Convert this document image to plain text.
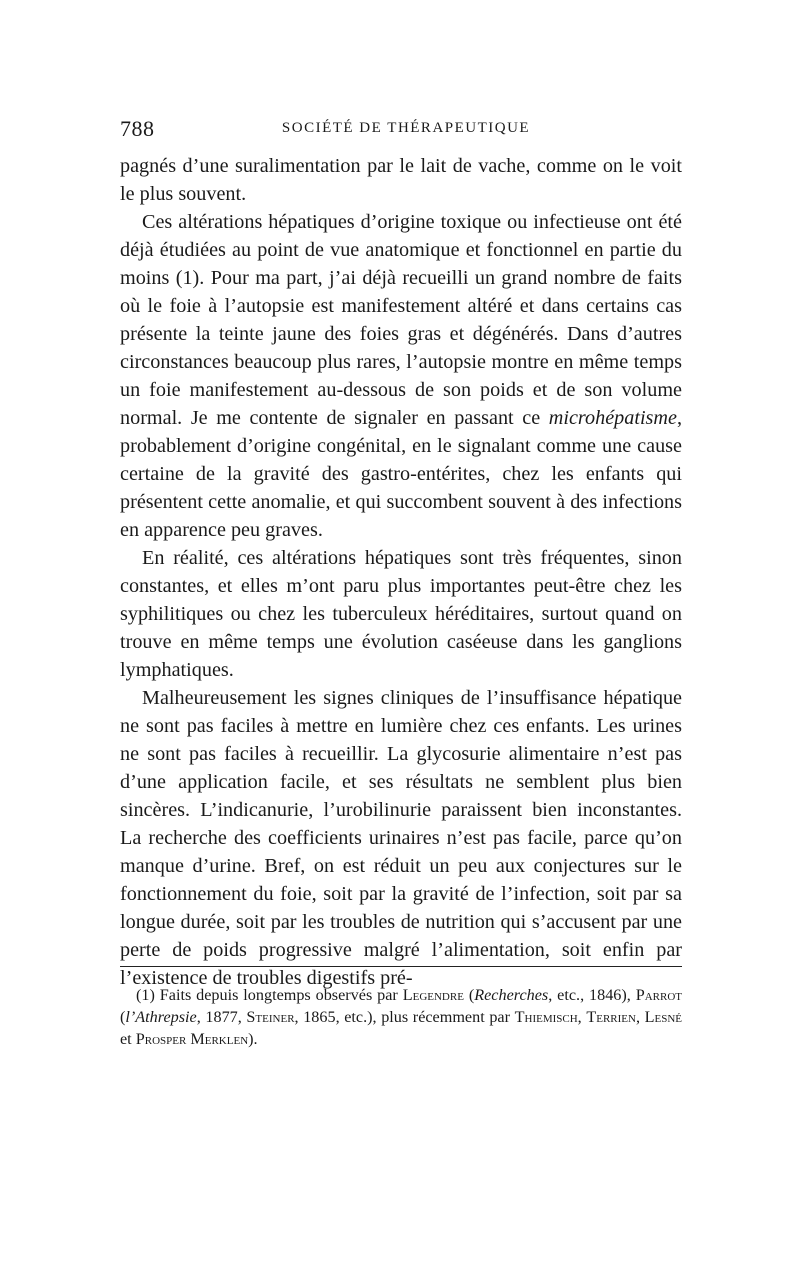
788	SOCIÉTÉ DE THÉRAPEUTIQUE

pagnés d’une suralimentation par le lait de vache, comme on le voit le plus souvent.

Ces altérations hépatiques d’origine toxique ou infectieuse ont été déjà étudiées au point de vue anatomique et fonctionnel en partie du moins (1). Pour ma part, j’ai déjà recueilli un grand nombre de faits où le foie à l’autopsie est manifestement altéré et dans certains cas présente la teinte jaune des foies gras et dégénérés. Dans d’autres circonstances beaucoup plus rares, l’autopsie montre en même temps un foie manifestement au-dessous de son poids et de son volume normal. Je me contente de signaler en passant ce microhépatisme, probablement d’origine congénital, en le signalant comme une cause certaine de la gravité des gastro-entérites, chez les enfants qui présentent cette anomalie, et qui succombent souvent à des infections en apparence peu graves.

En réalité, ces altérations hépatiques sont très fréquentes, sinon constantes, et elles m’ont paru plus importantes peut-être chez les syphilitiques ou chez les tuberculeux héréditaires, surtout quand on trouve en même temps une évolution caséeuse dans les ganglions lymphatiques.

Malheureusement les signes cliniques de l’insuffisance hépatique ne sont pas faciles à mettre en lumière chez ces enfants. Les urines ne sont pas faciles à recueillir. La glycosurie alimentaire n’est pas d’une application facile, et ses résultats ne semblent plus bien sincères. L’indicanurie, l’urobilinurie paraissent bien inconstantes. La recherche des coefficients urinaires n’est pas facile, parce qu’on manque d’urine. Bref, on est réduit un peu aux conjectures sur le fonctionnement du foie, soit par la gravité de l’infection, soit par sa longue durée, soit par les troubles de nutrition qui s’accusent par une perte de poids progressive malgré l’alimentation, soit enfin par l’existence de troubles digestifs pré-

(1) Faits depuis longtemps observés par Legendre (Recherches, etc., 1846), Parrot (l’Athrepsie, 1877, Steiner, 1865, etc.), plus récemment par Thiemisch, Terrien, Lesné et Prosper Merklen).
